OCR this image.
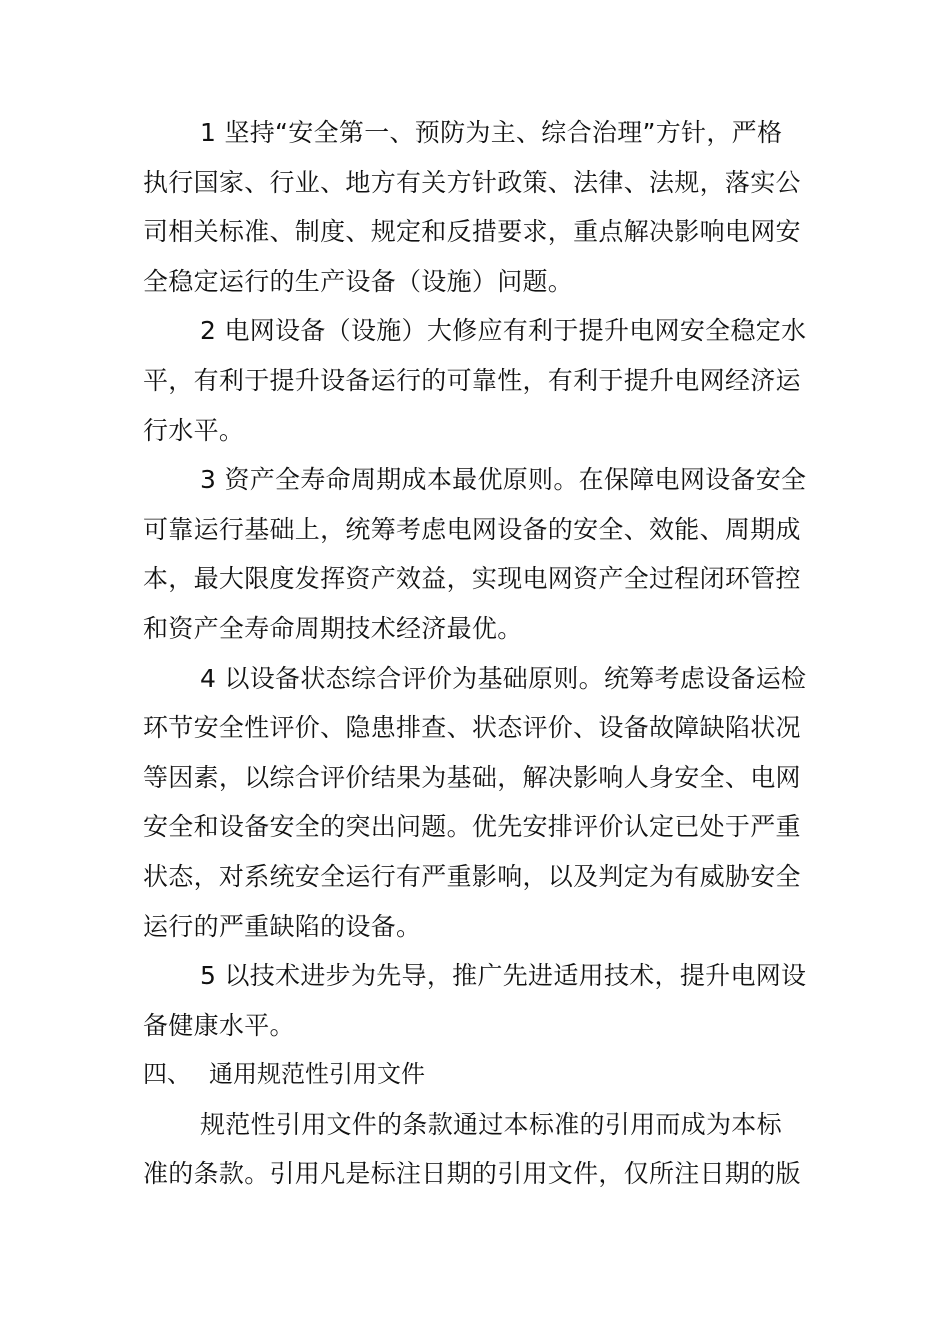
1 坚持“安全第一、预防为主、综合治理”方针，严格
执行国家、行业、地方有关方针政策、法律、法规，落实公
司相关标准、制度、规定和反措要求，重点解决影响电网安
全稳定运行的生产设备（设施）问题。
2 电网设备（设施）大修应有利于提升电网安全稳定水
平，有利于提升设备运行的可靠性，有利于提升电网经济运
行水平。
3 资产全寿命周期成本最优原则。在保障电网设备安全
可靠运行基础上，统筹考虑电网设备的安全、效能、周期成
本，最大限度发挥资产效益，实现电网资产全过程闭环管控
和资产全寿命周期技术经济最优。
4 以设备状态综合评价为基础原则。统筹考虑设备运检
环节安全性评价、隐患排查、状态评价、设备故障缺陷状况
等因素，以综合评价结果为基础，解决影响人身安全、电网
安全和设备安全的突出问题。优先安排评价认定已处于严重
状态，对系统安全运行有严重影响，以及判定为有威胁安全
运行的严重缺陷的设备。
5 以技术进步为先导，推广先进适用技术，提升电网设
备健康水平。
四、 通用规范性引用文件
规范性引用文件的条款通过本标准的引用而成为本标
准的条款。引用凡是标注日期的引用文件，仅所注日期的版
